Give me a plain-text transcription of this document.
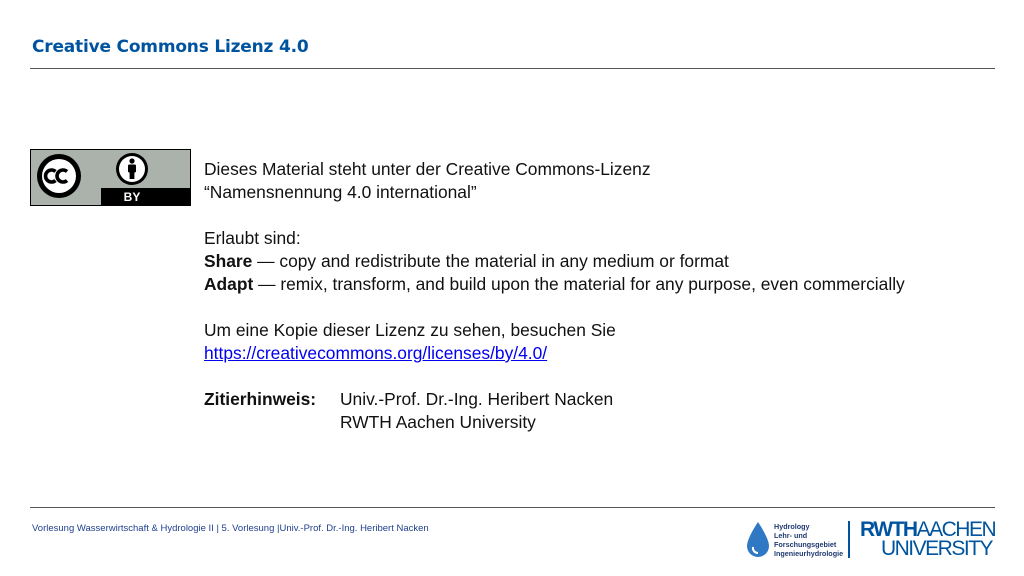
Creative Commons Lizenz 4.0
BY

Dieses Material steht unter der Creative Commons-Lizenz

“Namensnennung 4.0 international”

Erlaubt sind:

Share — copy and redistribute the material in any medium or format

Adapt — remix, transform, and build upon the material for any purpose, even commercially

Um eine Kopie dieser Lizenz zu sehen, besuchen Sie

https://creativecommons.org/licenses/by/4.0/

Zitierhinweis:	Univ.-Prof. Dr.-Ing. Heribert Nacken
RWTH Aachen University
Vorlesung Wasserwirtschaft & Hydrologie II | 5. Vorlesung |Univ.-Prof. Dr.-Ing. Heribert Nacken	Hydrology
Lehr- und
Forschungsgebiet
Ingenieurhydrologie
RWTHAACHEN
UNIVERSITY
